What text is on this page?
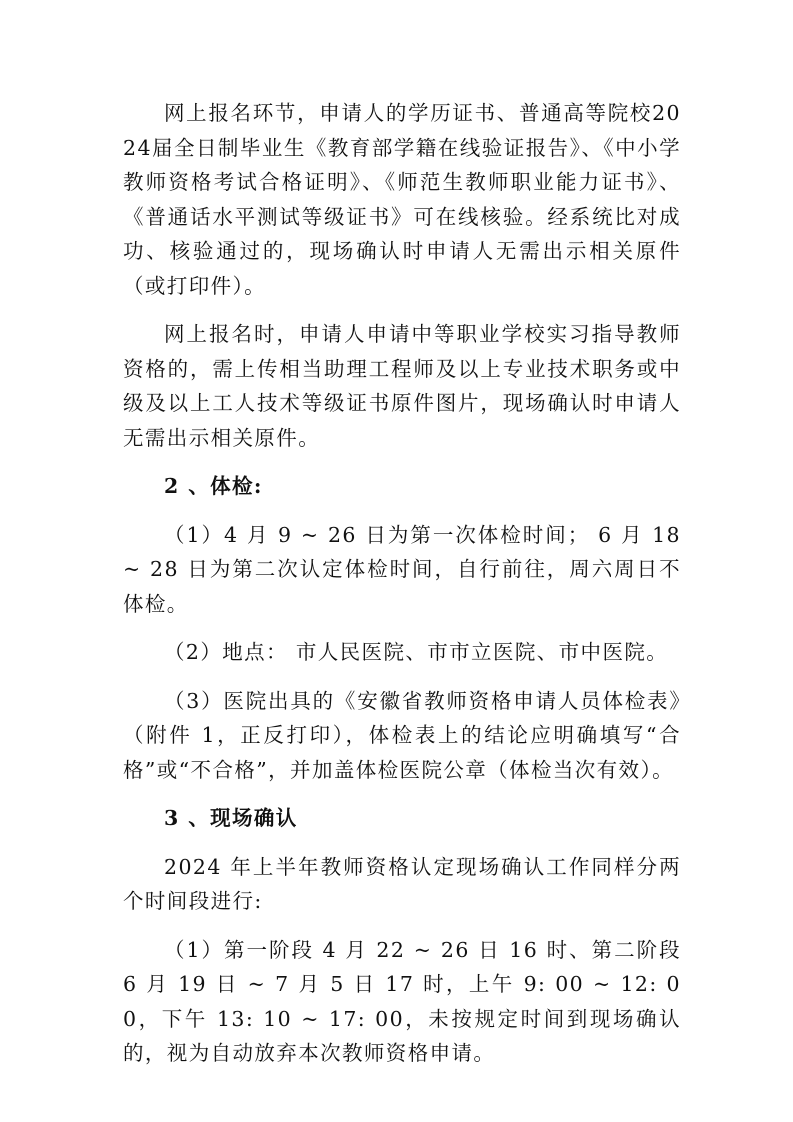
网上报名环节，申请人的学历证书、普通高等院校2024届全日制毕业生《教育部学籍在线验证报告》、《中小学教师资格考试合格证明》、《师范生教师职业能力证书》、《普通话水平测试等级证书》可在线核验。经系统比对成功、核验通过的，现场确认时申请人无需出示相关原件（或打印件）。

网上报名时，申请人申请中等职业学校实习指导教师资格的，需上传相当助理工程师及以上专业技术职务或中级及以上工人技术等级证书原件图片，现场确认时申请人无需出示相关原件。

2 、体检:

（1）4 月 9 ~ 26 日为第一次体检时间； 6 月 18 ~ 28 日为第二次认定体检时间，自行前往，周六周日不体检。

（2）地点： 市人民医院、市市立医院、市中医院。

（3）医院出具的《安徽省教师资格申请人员体检表》（附件 1，正反打印），体检表上的结论应明确填写“合格”或“不合格”，并加盖体检医院公章（体检当次有效）。

3 、现场确认

2024 年上半年教师资格认定现场确认工作同样分两个时间段进行:

（1）第一阶段 4 月 22 ~ 26 日 16 时、第二阶段 6 月 19 日 ~ 7 月 5 日 17 时，上午 9: 00 ~ 12: 00，下午 13: 10 ~ 17: 00，未按规定时间到现场确认的，视为自动放弃本次教师资格申请。
